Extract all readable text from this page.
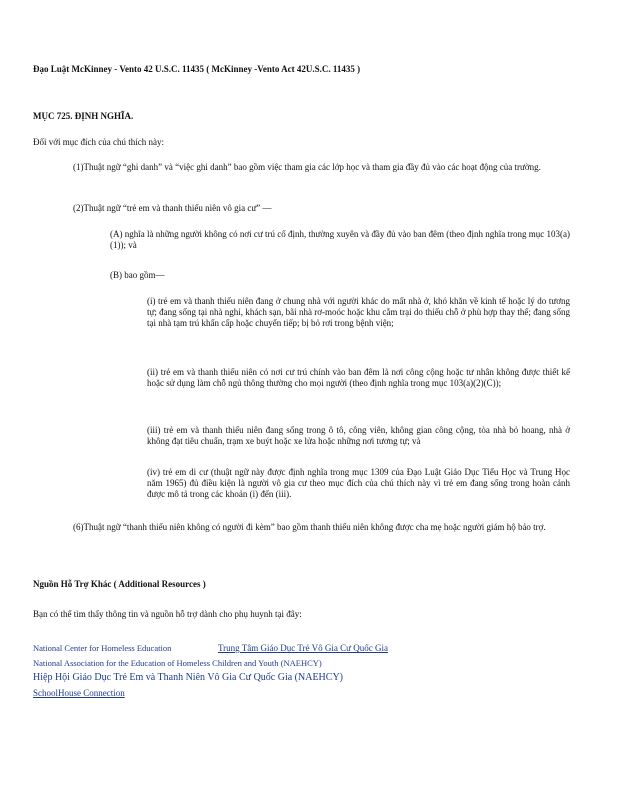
Đạo Luật McKinney - Vento 42 U.S.C. 11435 ( McKinney -Vento Act 42U.S.C. 11435 )
MỤC 725. ĐỊNH NGHĨA.
Đối với mục đích của chú thích này:
(1)Thuật ngữ “ghi danh” và “việc ghi danh” bao gồm việc tham gia các lớp học và tham gia đầy đủ vào các hoạt động của trường.
(2)Thuật ngữ “trẻ em và thanh thiếu niên vô gia cư” —
(A) nghĩa là những người không có nơi cư trú cố định, thường xuyên và đầy đủ vào ban đêm (theo định nghĩa trong mục 103(a)(1)); và
(B) bao gồm—
(i) trẻ em và thanh thiếu niên đang ở chung nhà với người khác do mất nhà ở, khó khăn về kinh tế hoặc lý do tương tự; đang sống tại nhà nghỉ, khách sạn, bãi nhà rơ-moóc hoặc khu cắm trại do thiếu chỗ ở phù hợp thay thế; đang sống tại nhà tạm trú khẩn cấp hoặc chuyển tiếp; bị bỏ rơi trong bệnh viện;
(ii) trẻ em và thanh thiếu niên có nơi cư trú chính vào ban đêm là nơi công cộng hoặc tư nhân không được thiết kế hoặc sử dụng làm chỗ ngủ thông thường cho mọi người (theo định nghĩa trong mục 103(a)(2)(C));
(iii) trẻ em và thanh thiếu niên đang sống trong ô tô, công viên, không gian công cộng, tòa nhà bỏ hoang, nhà ở không đạt tiêu chuẩn, trạm xe buýt hoặc xe lửa hoặc những nơi tương tự; và
(iv) trẻ em di cư (thuật ngữ này được định nghĩa trong mục 1309 của Đạo Luật Giáo Dục Tiểu Học và Trung Học năm 1965) đủ điều kiện là người vô gia cư theo mục đích của chú thích này vì trẻ em đang sống trong hoàn cảnh được mô tả trong các khoản (i) đến (iii).
(6)Thuật ngữ “thanh thiếu niên không có người đi kèm” bao gồm thanh thiếu niên không được cha mẹ hoặc người giám hộ bảo trợ.
Nguồn Hỗ Trợ Khác ( Additional Resources )
Bạn có thể tìm thấy thông tin và nguồn hỗ trợ dành cho phụ huynh tại đây:
National Center for Homeless Education	Trung Tâm Giáo Dục Trẻ Vô Gia Cư Quốc Gia
National Association for the Education of Homeless Children and Youth (NAEHCY)
Hiệp Hội Giáo Dục Trẻ Em và Thanh Niên Vô Gia Cư Quốc Gia (NAEHCY)
SchoolHouse Connection
